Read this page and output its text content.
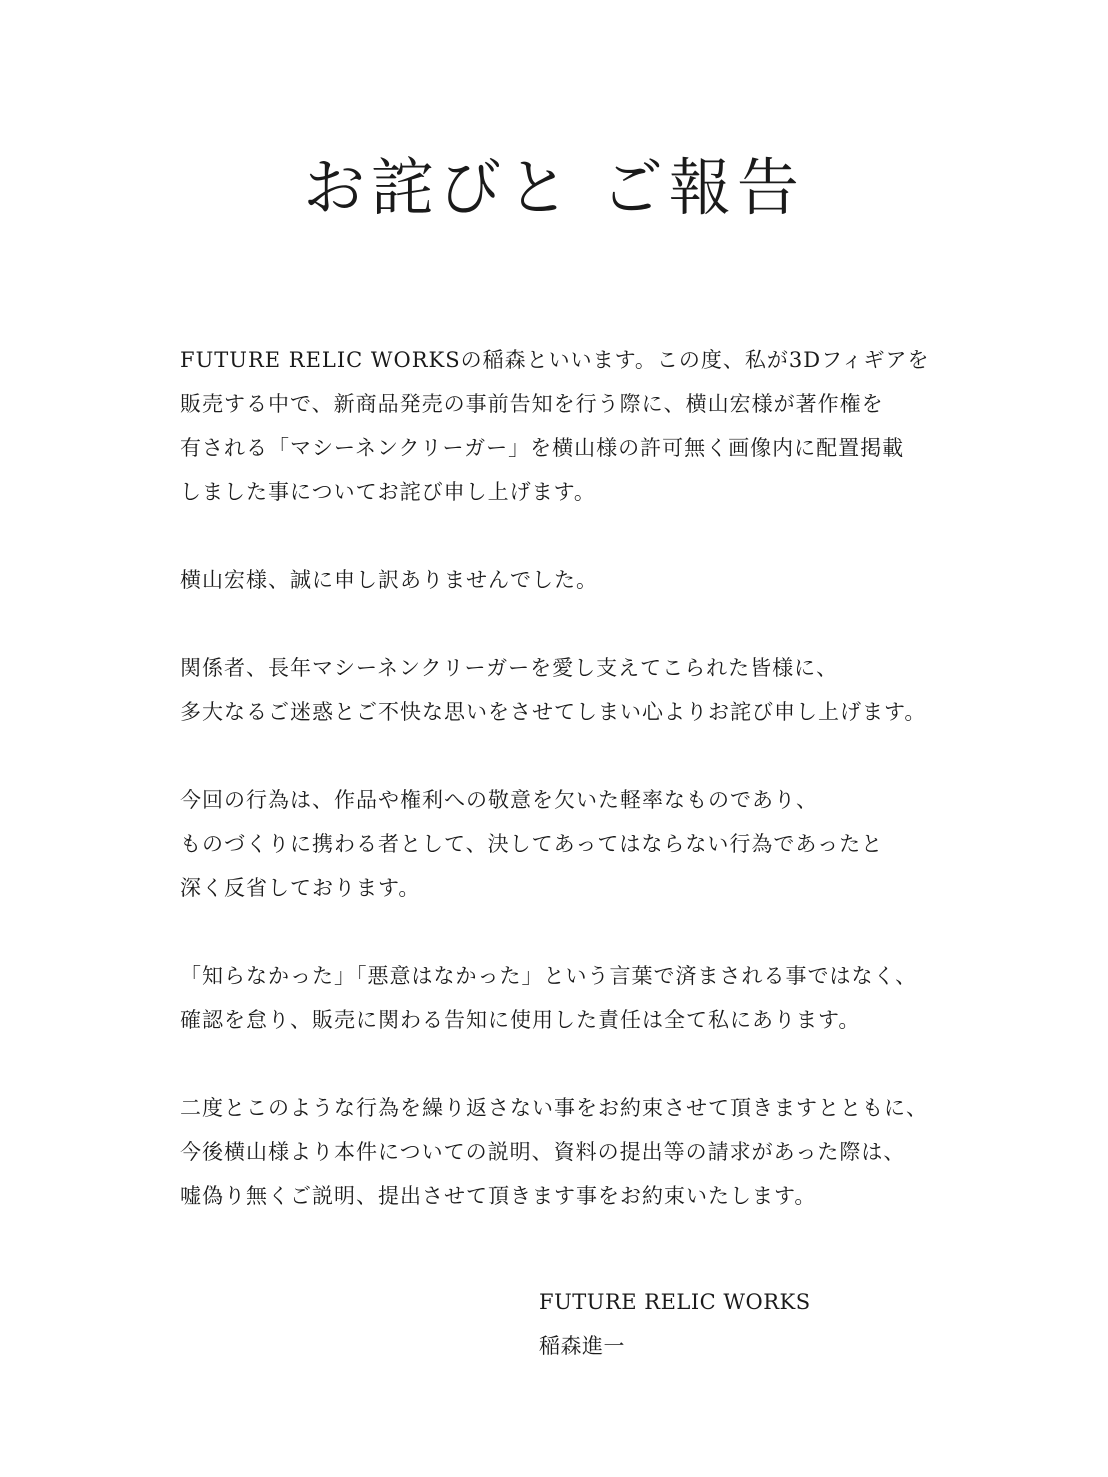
お詫びと ご報告

FUTURE RELIC WORKSの稲森といいます。この度、私が3Dフィギアを
販売する中で、新商品発売の事前告知を行う際に、横山宏様が著作権を
有される「マシーネンクリーガー」を横山様の許可無く画像内に配置掲載
しました事についてお詫び申し上げます。

横山宏様、誠に申し訳ありませんでした。

関係者、長年マシーネンクリーガーを愛し支えてこられた皆様に、
多大なるご迷惑とご不快な思いをさせてしまい心よりお詫び申し上げます。

今回の行為は、作品や権利への敬意を欠いた軽率なものであり、
ものづくりに携わる者として、決してあってはならない行為であったと
深く反省しております。

「知らなかった」「悪意はなかった」という言葉で済まされる事ではなく、
確認を怠り、販売に関わる告知に使用した責任は全て私にあります。

二度とこのような行為を繰り返さない事をお約束させて頂きますとともに、
今後横山様より本件についての説明、資料の提出等の請求があった際は、
嘘偽り無くご説明、提出させて頂きます事をお約束いたします。

FUTURE RELIC WORKS
稲森進一
